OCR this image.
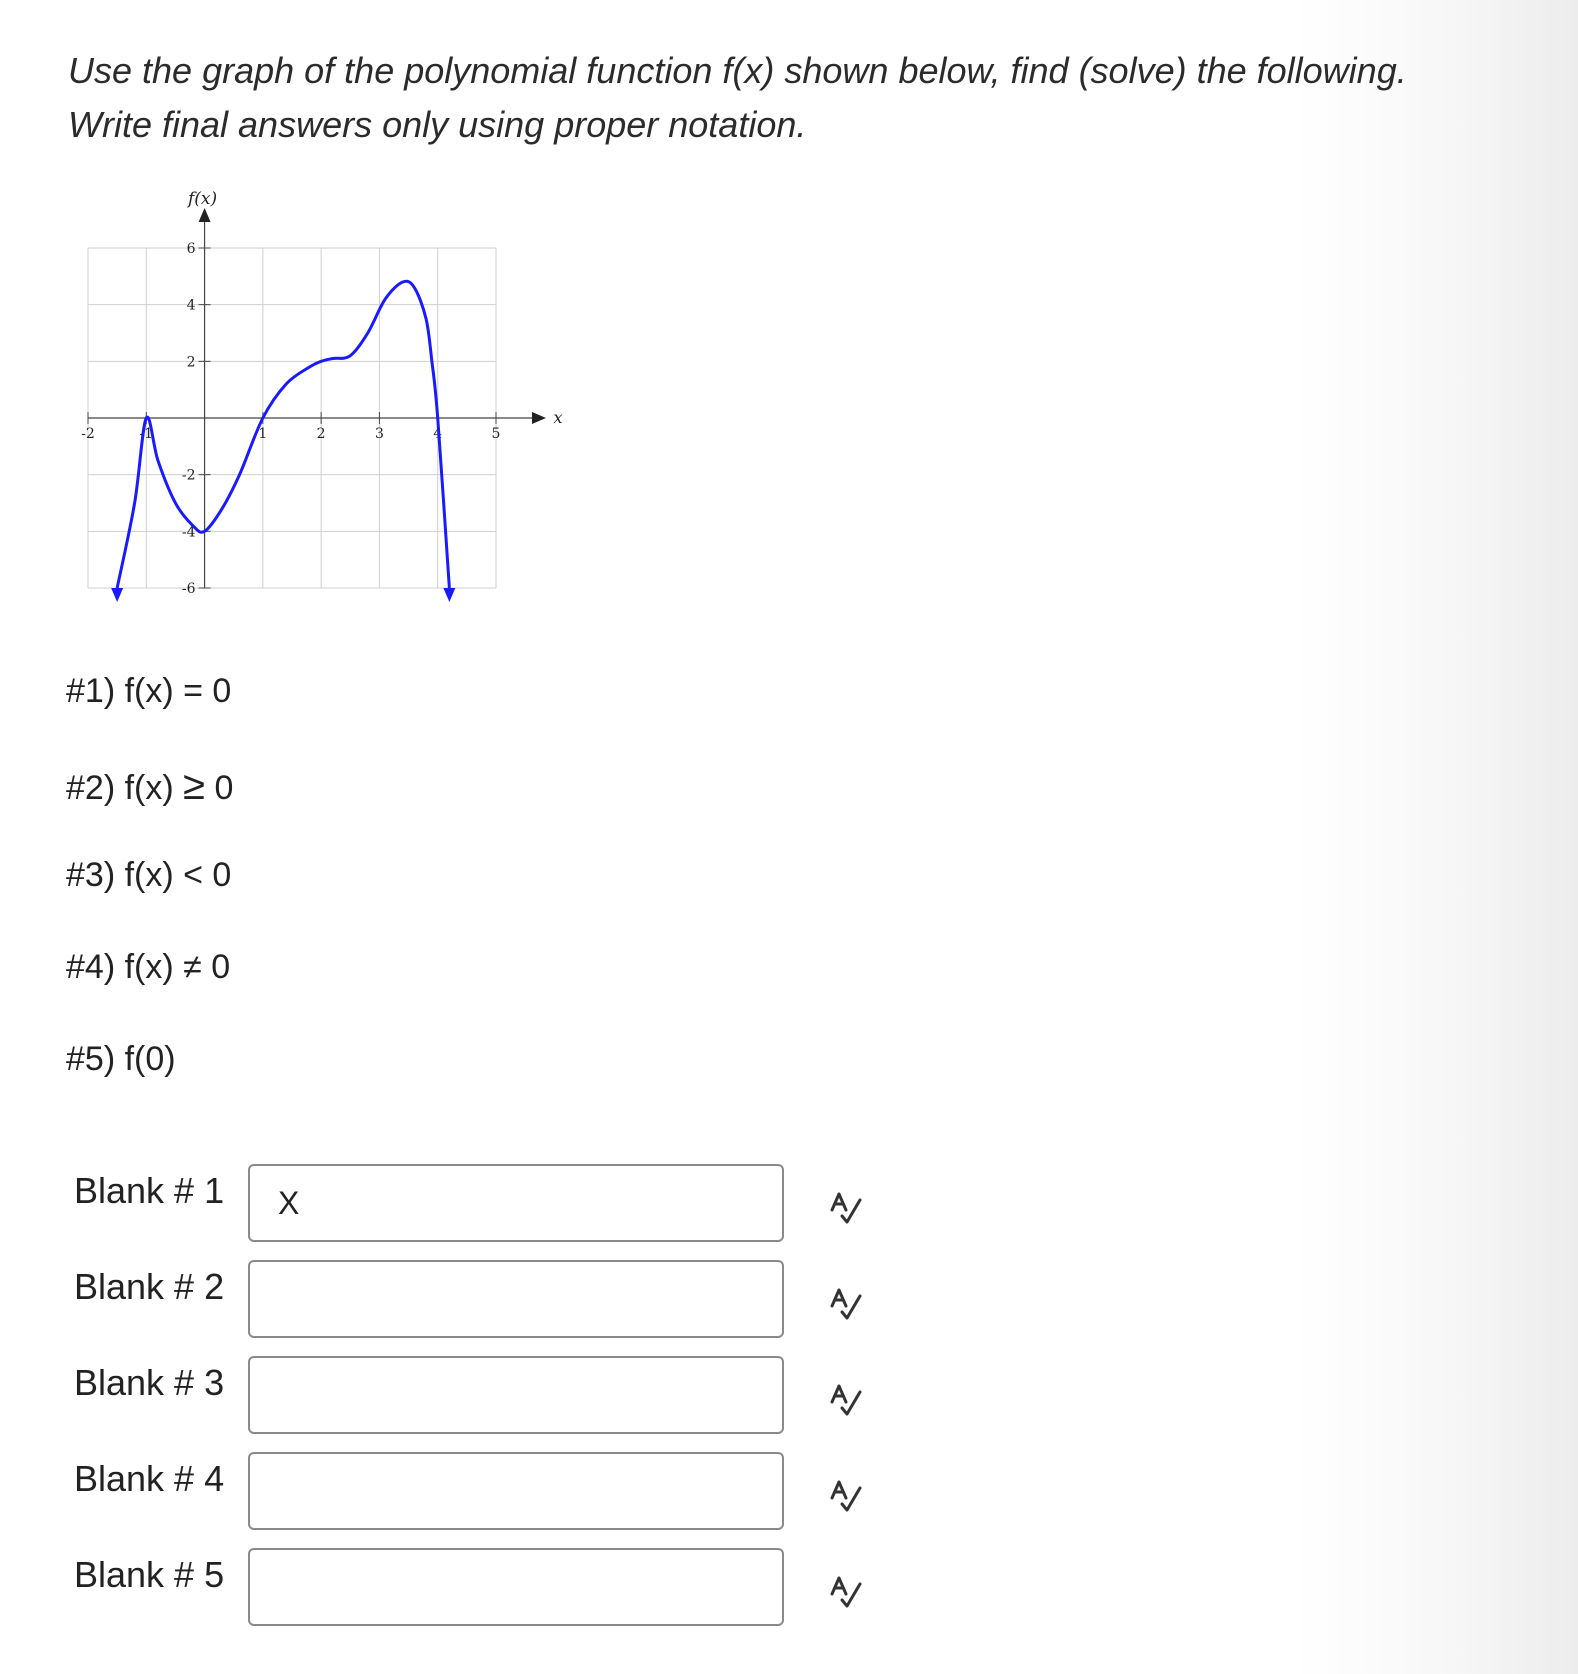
Use the graph of the polynomial function f(x) shown below, find (solve) the following. Write final answers only using proper notation.
-2	-1	1	2	3	4	5
6
4
2
-2
-4
-6
f(x)
x
#1) f(x) = 0
#2) f(x) ≥ 0
#3) f(x) < 0
#4) f(x) ≠ 0
#5) f(0)
Blank # 1
X
Blank # 2
Blank # 3
Blank # 4
Blank # 5
